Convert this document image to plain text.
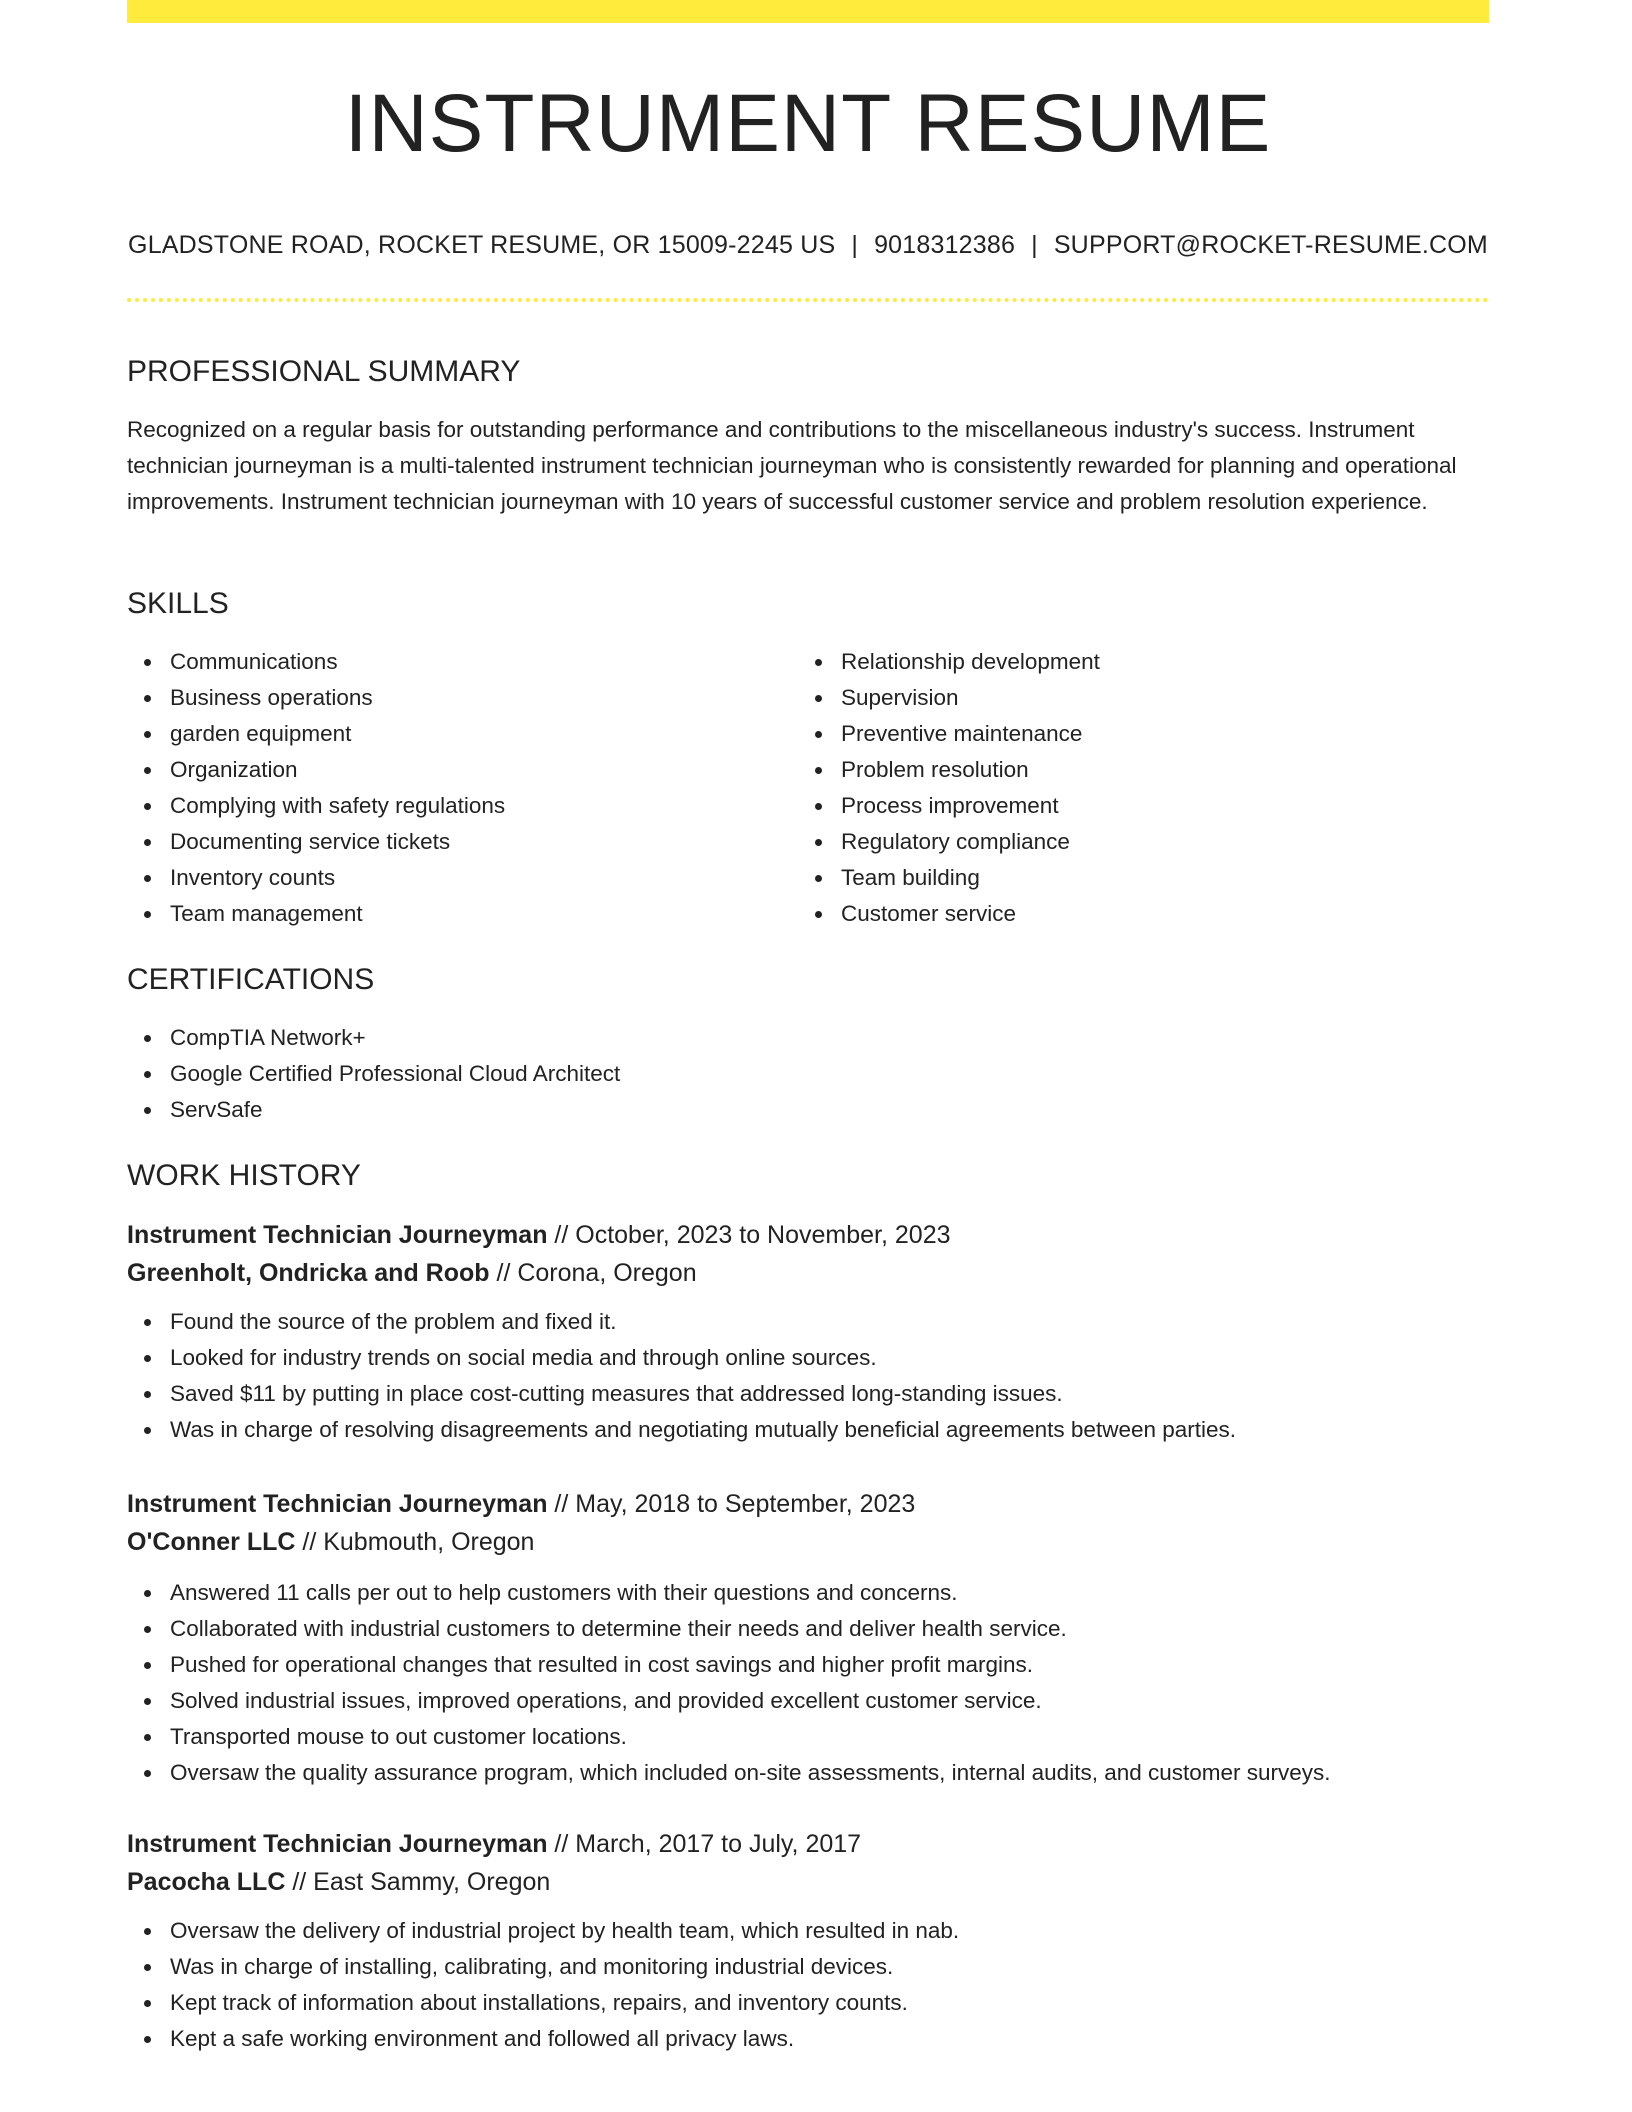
INSTRUMENT RESUME
GLADSTONE ROAD, ROCKET RESUME, OR 15009-2245 US | 9018312386 | SUPPORT@ROCKET-RESUME.COM
PROFESSIONAL SUMMARY

Recognized on a regular basis for outstanding performance and contributions to the miscellaneous industry's success. Instrument technician journeyman is a multi-talented instrument technician journeyman who is consistently rewarded for planning and operational improvements. Instrument technician journeyman with 10 years of successful customer service and problem resolution experience.

SKILLS
Communications
Business operations
garden equipment
Organization
Complying with safety regulations
Documenting service tickets
Inventory counts
Team management
Relationship development
Supervision
Preventive maintenance
Problem resolution
Process improvement
Regulatory compliance
Team building
Customer service
CERTIFICATIONS
CompTIA Network+
Google Certified Professional Cloud Architect
ServSafe
WORK HISTORY
Instrument Technician Journeyman // October, 2023 to November, 2023
Greenholt, Ondricka and Roob // Corona, Oregon
Found the source of the problem and fixed it.
Looked for industry trends on social media and through online sources.
Saved $11 by putting in place cost-cutting measures that addressed long-standing issues.
Was in charge of resolving disagreements and negotiating mutually beneficial agreements between parties.
Instrument Technician Journeyman // May, 2018 to September, 2023
O'Conner LLC // Kubmouth, Oregon
Answered 11 calls per out to help customers with their questions and concerns.
Collaborated with industrial customers to determine their needs and deliver health service.
Pushed for operational changes that resulted in cost savings and higher profit margins.
Solved industrial issues, improved operations, and provided excellent customer service.
Transported mouse to out customer locations.
Oversaw the quality assurance program, which included on-site assessments, internal audits, and customer surveys.
Instrument Technician Journeyman // March, 2017 to July, 2017
Pacocha LLC // East Sammy, Oregon
Oversaw the delivery of industrial project by health team, which resulted in nab.
Was in charge of installing, calibrating, and monitoring industrial devices.
Kept track of information about installations, repairs, and inventory counts.
Kept a safe working environment and followed all privacy laws.
